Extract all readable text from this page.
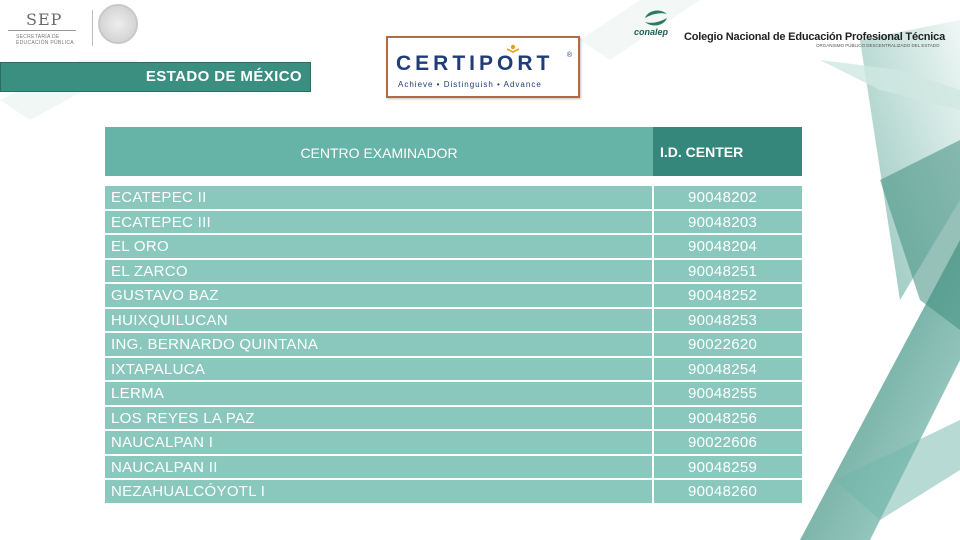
SEP
SECRETARÍA DE
EDUCACIÓN PÚBLICA
conalep Colegio Nacional de Educación Profesional Técnica
ORGANISMO PÚBLICO DESCENTRALIZADO DEL ESTADO
ESTADO DE MÉXICO
CERTIPORT ®
Achieve • Distinguish • Advance
CENTRO EXAMINADOR	I.D. CENTER
ECATEPEC II	90048202
ECATEPEC III	90048203
EL ORO	90048204
EL ZARCO	90048251
GUSTAVO BAZ	90048252
HUIXQUILUCAN	90048253
ING. BERNARDO QUINTANA	90022620
IXTAPALUCA	90048254
LERMA	90048255
LOS REYES LA PAZ	90048256
NAUCALPAN I	90022606
NAUCALPAN II	90048259
NEZAHUALCÓYOTL I	90048260
